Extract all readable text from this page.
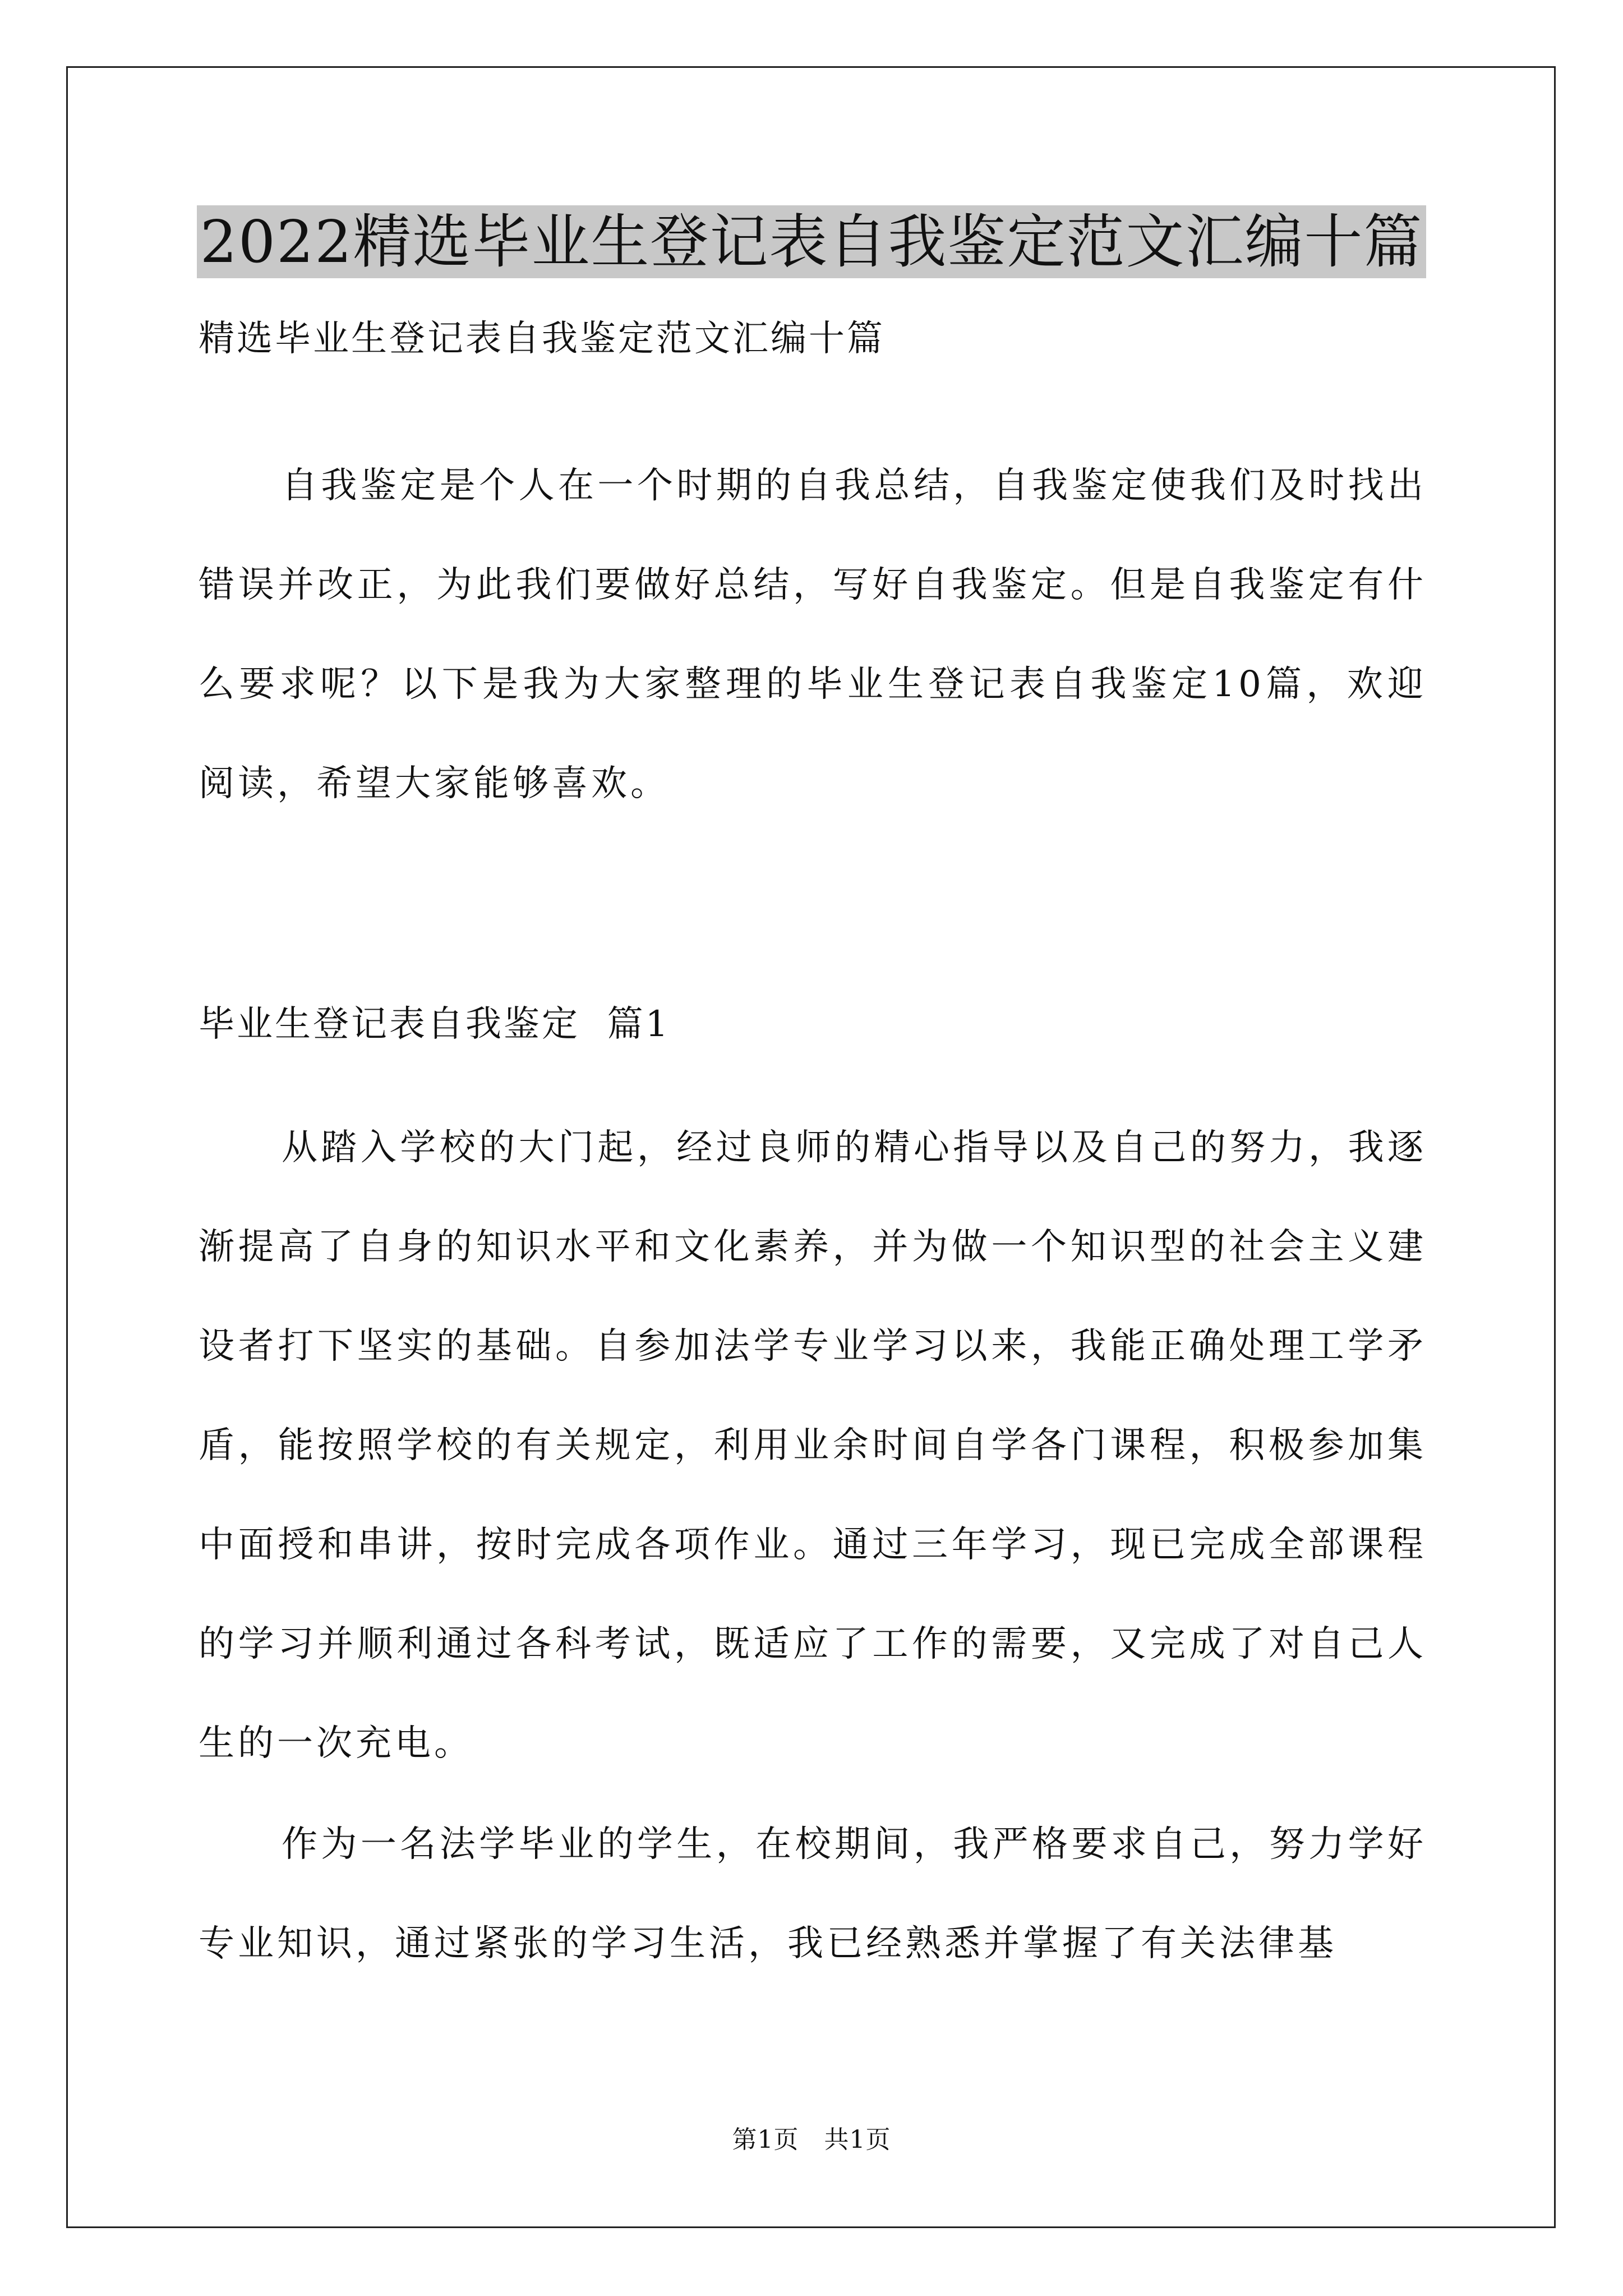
2022精选毕业生登记表自我鉴定范文汇编十篇
精选毕业生登记表自我鉴定范文汇编十篇

自我鉴定是个人在一个时期的自我总结，自我鉴定使我们及时找出错误并改正，为此我们要做好总结，写好自我鉴定。但是自我鉴定有什么要求呢？以下是我为大家整理的毕业生登记表自我鉴定10篇，欢迎阅读，希望大家能够喜欢。

毕业生登记表自我鉴定  篇1

从踏入学校的大门起，经过良师的精心指导以及自己的努力，我逐渐提高了自身的知识水平和文化素养，并为做一个知识型的社会主义建设者打下坚实的基础。自参加法学专业学习以来，我能正确处理工学矛盾，能按照学校的有关规定，利用业余时间自学各门课程，积极参加集中面授和串讲，按时完成各项作业。通过三年学习，现已完成全部课程的学习并顺利通过各科考试，既适应了工作的需要，又完成了对自己人生的一次充电。

作为一名法学毕业的学生，在校期间，我严格要求自己，努力学好专业知识，通过紧张的学习生活，我已经熟悉并掌握了有关法律基

第1页   共1页
